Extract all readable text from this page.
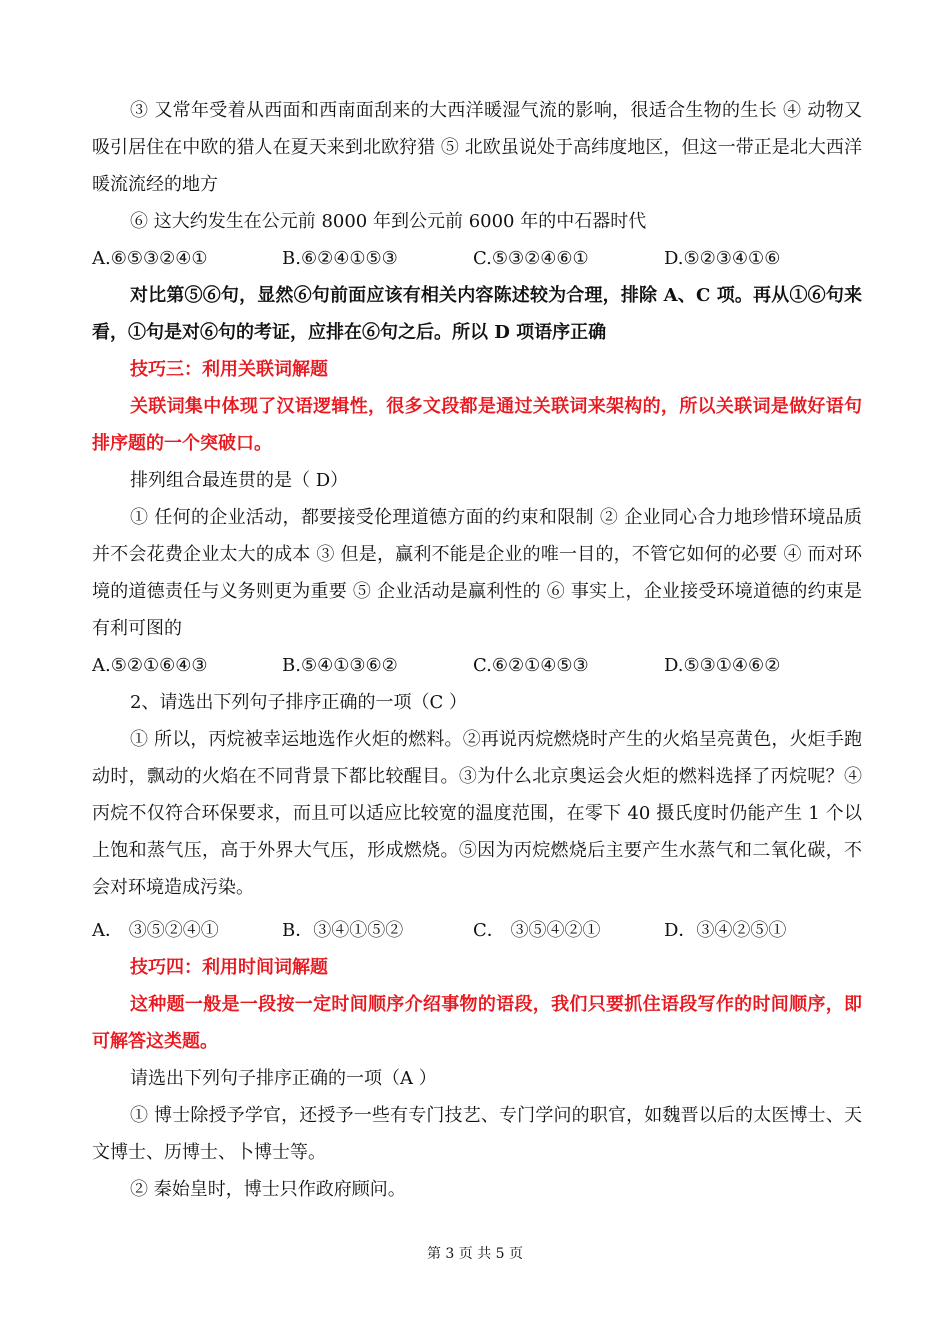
③ 又常年受着从西面和西南面刮来的大西洋暖湿气流的影响，很适合生物的生长 ④ 动物又吸引居住在中欧的猎人在夏天来到北欧狩猎 ⑤ 北欧虽说处于高纬度地区，但这一带正是北大西洋暖流流经的地方
⑥ 这大约发生在公元前 8000 年到公元前 6000 年的中石器时代
A.⑥⑤③②④①	B.⑥②④①⑤③	C.⑤③②④⑥①	D.⑤②③④①⑥
对比第⑤⑥句，显然⑥句前面应该有相关内容陈述较为合理，排除 A、C 项。再从①⑥句来看，①句是对⑥句的考证，应排在⑥句之后。所以 D 项语序正确
技巧三：利用关联词解题
关联词集中体现了汉语逻辑性，很多文段都是通过关联词来架构的，所以关联词是做好语句排序题的一个突破口。
排列组合最连贯的是（ D）
① 任何的企业活动，都要接受伦理道德方面的约束和限制 ② 企业同心合力地珍惜环境品质并不会花费企业太大的成本 ③ 但是，赢利不能是企业的唯一目的，不管它如何的必要 ④ 而对环境的道德责任与义务则更为重要 ⑤ 企业活动是赢利性的 ⑥ 事实上，企业接受环境道德的约束是有利可图的
A.⑤②①⑥④③	B.⑤④①③⑥②	C.⑥②①④⑤③	D.⑤③①④⑥②
2、请选出下列句子排序正确的一项（C ）
① 所以，丙烷被幸运地选作火炬的燃料。②再说丙烷燃烧时产生的火焰呈亮黄色，火炬手跑动时，飘动的火焰在不同背景下都比较醒目。③为什么北京奥运会火炬的燃料选择了丙烷呢？④丙烷不仅符合环保要求，而且可以适应比较宽的温度范围，在零下 40 摄氏度时仍能产生 1 个以上饱和蒸气压，高于外界大气压，形成燃烧。⑤因为丙烷燃烧后主要产生水蒸气和二氧化碳，不会对环境造成污染。
A． ③⑤②④①	B．③④①⑤②	C． ③⑤④②①	D．③④②⑤①
技巧四：利用时间词解题
这种题一般是一段按一定时间顺序介绍事物的语段，我们只要抓住语段写作的时间顺序，即可解答这类题。
请选出下列句子排序正确的一项（A ）
① 博士除授予学官，还授予一些有专门技艺、专门学问的职官，如魏晋以后的太医博士、天文博士、历博士、卜博士等。
② 秦始皇时，博士只作政府顾问。
第 3 页 共 5 页
